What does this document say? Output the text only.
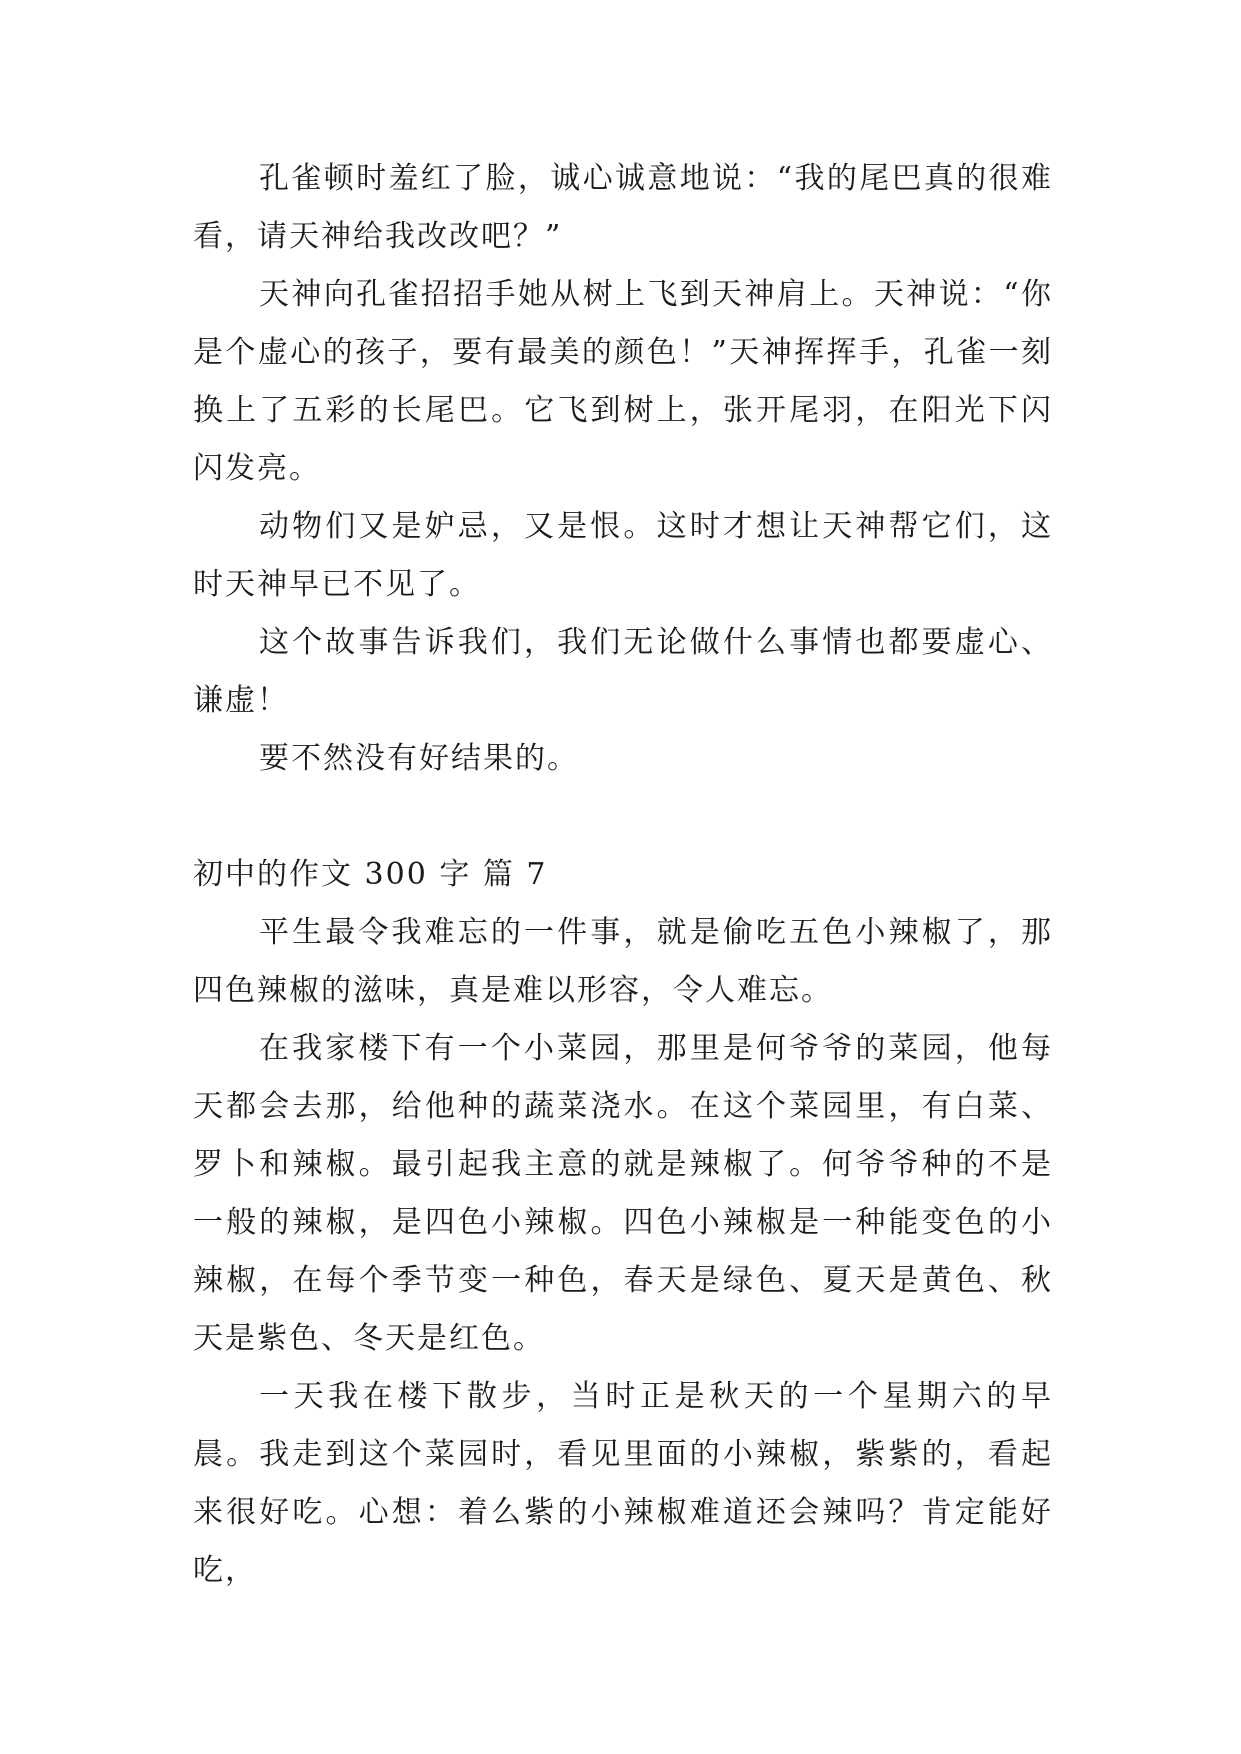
孔雀顿时羞红了脸，诚心诚意地说：“我的尾巴真的很难看，请天神给我改改吧？”

天神向孔雀招招手她从树上飞到天神肩上。天神说：“你是个虚心的孩子，要有最美的颜色！”天神挥挥手，孔雀一刻换上了五彩的长尾巴。它飞到树上，张开尾羽，在阳光下闪闪发亮。

动物们又是妒忌，又是恨。这时才想让天神帮它们，这时天神早已不见了。

这个故事告诉我们，我们无论做什么事情也都要虚心、谦虚！

要不然没有好结果的。

初中的作文 300 字 篇 7

平生最令我难忘的一件事，就是偷吃五色小辣椒了，那四色辣椒的滋味，真是难以形容，令人难忘。

在我家楼下有一个小菜园，那里是何爷爷的菜园，他每天都会去那，给他种的蔬菜浇水。在这个菜园里，有白菜、罗卜和辣椒。最引起我主意的就是辣椒了。何爷爷种的不是一般的辣椒，是四色小辣椒。四色小辣椒是一种能变色的小辣椒，在每个季节变一种色，春天是绿色、夏天是黄色、秋天是紫色、冬天是红色。

一天我在楼下散步，当时正是秋天的一个星期六的早晨。我走到这个菜园时，看见里面的小辣椒，紫紫的，看起来很好吃。心想：着么紫的小辣椒难道还会辣吗？肯定能好吃，
